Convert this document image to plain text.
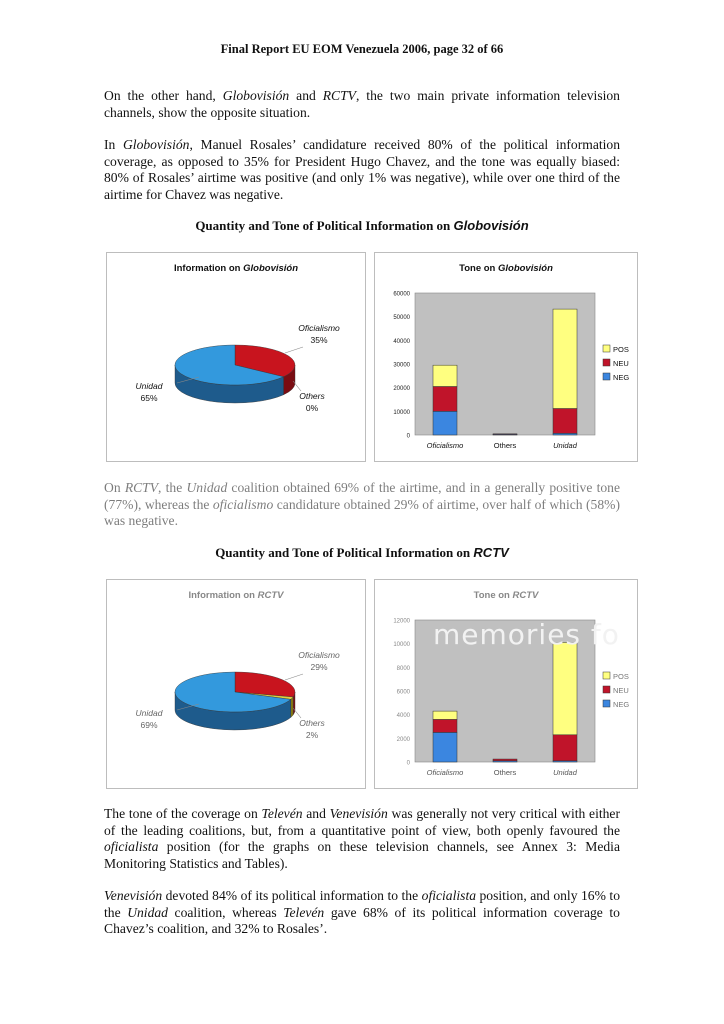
Final Report EU EOM Venezuela 2006, page 32 of 66

On the other hand, Globovisión and RCTV, the two main private information television channels, show the opposite situation.

In Globovisión, Manuel Rosales’ candidature received 80% of the political information coverage, as opposed to 35% for President Hugo Chavez, and the tone was equally biased: 80% of Rosales’ airtime was positive (and only 1% was negative), while over one third of the airtime for Chavez was negative.

Quantity and Tone of Political Information on Globovisión
Information on Globovisión
Oficialismo
35%
Others
0%
Unidad
65%
Tone on Globovisión
0
10000
20000
30000
40000
50000
60000
Oficialismo	Others	Unidad
POS
NEU
NEG

On RCTV, the Unidad coalition obtained 69% of the airtime, and in a generally positive tone (77%), whereas the oficialismo candidature obtained 29% of airtime, over half of which (58%) was negative.

Quantity and Tone of Political Information on RCTV
Information on RCTV
Oficialismo
29%
Others
2%
Unidad
69%
Tone on RCTV
0
2000
4000
6000
8000
10000
12000
Oficialismo	Others	Unidad
POS
NEU
NEG
memories fo

The tone of the coverage on Televén and Venevisión was generally not very critical with either of the leading coalitions, but, from a quantitative point of view, both openly favoured the oficialista position (for the graphs on these television channels, see Annex 3: Media Monitoring Statistics and Tables).

Venevisión devoted 84% of its political information to the oficialista position, and only 16% to the Unidad coalition, whereas Televén gave 68% of its political information coverage to Chavez’s coalition, and 32% to Rosales’.
